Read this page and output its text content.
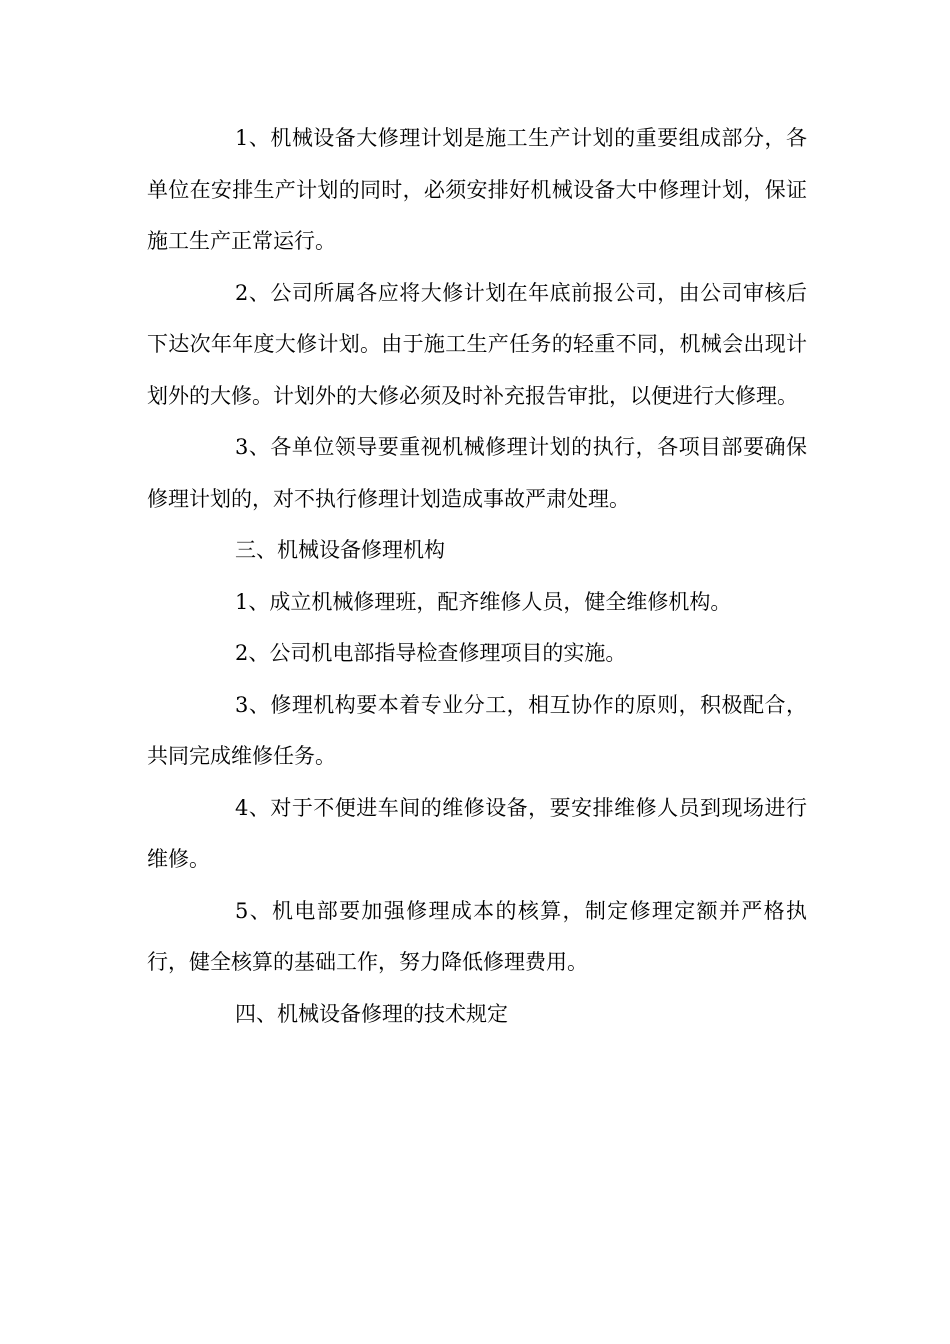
1、机械设备大修理计划是施工生产计划的重要组成部分，各单位在安排生产计划的同时，必须安排好机械设备大中修理计划，保证施工生产正常运行。

2、公司所属各应将大修计划在年底前报公司，由公司审核后下达次年年度大修计划。由于施工生产任务的轻重不同，机械会出现计划外的大修。计划外的大修必须及时补充报告审批，以便进行大修理。

3、各单位领导要重视机械修理计划的执行，各项目部要确保修理计划的，对不执行修理计划造成事故严肃处理。

三、机械设备修理机构

1、成立机械修理班，配齐维修人员，健全维修机构。

2、公司机电部指导检查修理项目的实施。

3、修理机构要本着专业分工，相互协作的原则，积极配合，共同完成维修任务。

4、对于不便进车间的维修设备，要安排维修人员到现场进行维修。

5、机电部要加强修理成本的核算，制定修理定额并严格执行，健全核算的基础工作，努力降低修理费用。

四、机械设备修理的技术规定
